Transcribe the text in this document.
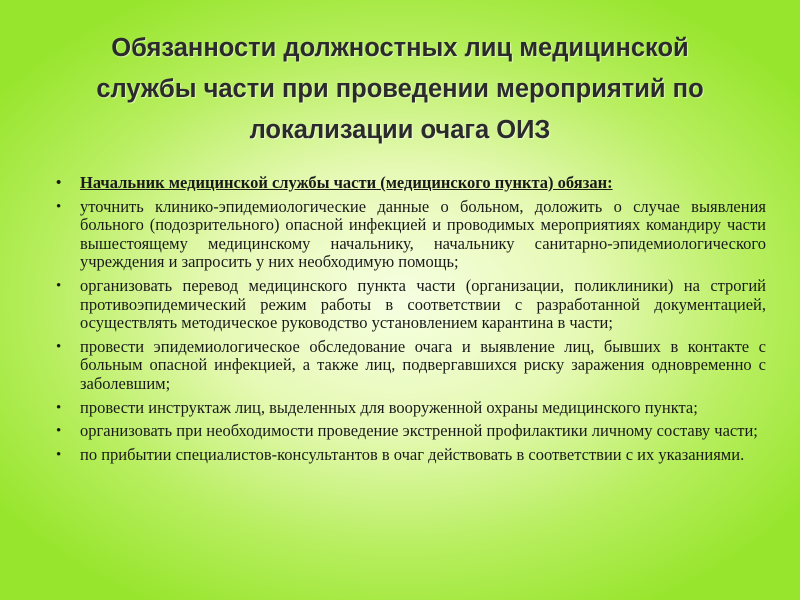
Обязанности должностных лиц медицинской службы части при проведении мероприятий по локализации очага ОИЗ
• Начальник медицинской службы части (медицинского пункта) обязан:
• уточнить клинико-эпидемиологические данные о больном, доложить о случае выявления больного (подозрительного) опасной инфекцией и проводимых мероприятиях командиру части вышестоящему медицинскому начальнику, начальнику санитарно-эпидемиологического учреждения и запросить у них необходимую помощь;
• организовать перевод медицинского пункта части (организации, поликлиники) на строгий противоэпидемический режим работы в соответствии с разработанной документацией, осуществлять методическое руководство установлением карантина в части;
• провести эпидемиологическое обследование очага и выявление лиц, бывших в контакте с больным опасной инфекцией, а также лиц, подвергавшихся риску заражения одновременно с заболевшим;
• провести инструктаж лиц, выделенных для вооруженной охраны медицинского пункта;
• организовать при необходимости проведение экстренной профилактики личному составу части;
• по прибытии специалистов-консультантов в очаг действовать в соответствии с их указаниями.
